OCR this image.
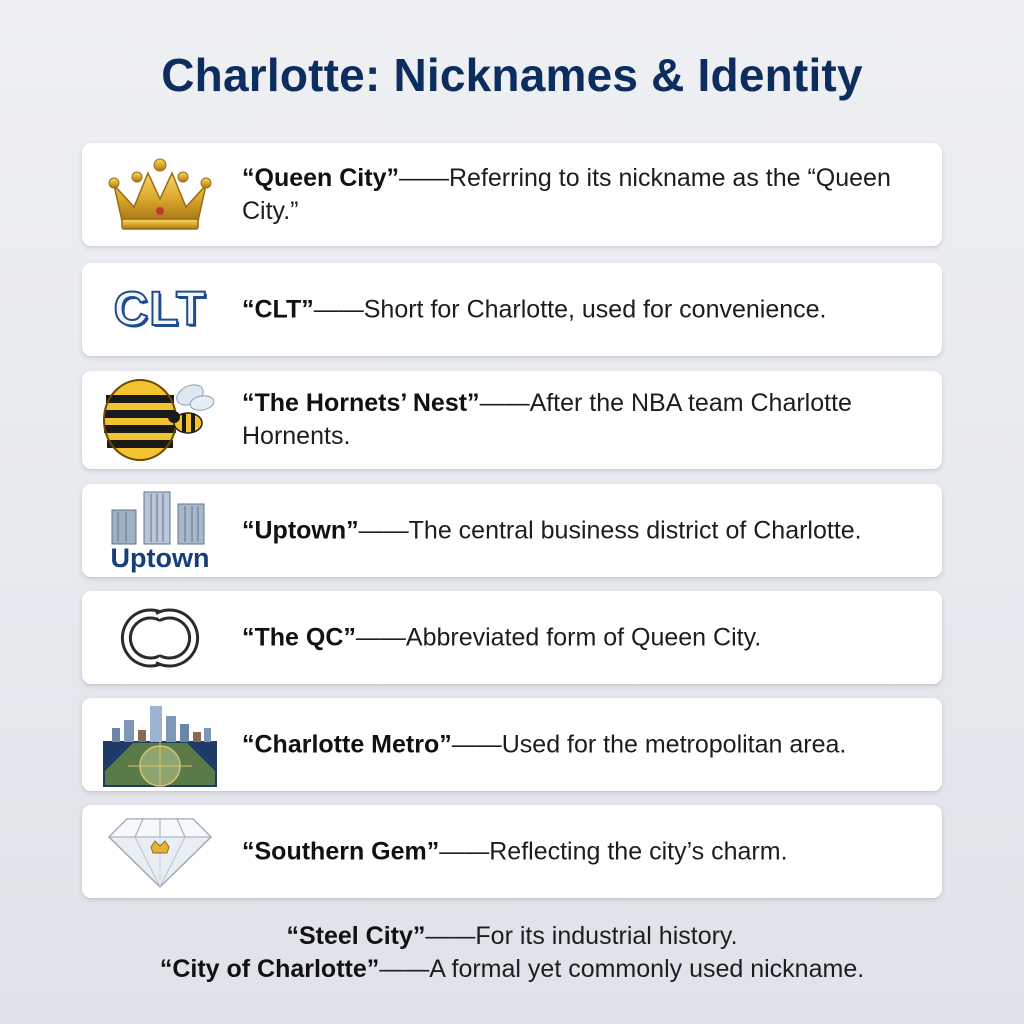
Charlotte: Nicknames & Identity
“Queen City”——Referring to its nickname as the “Queen City.”
CLT “CLT”——Short for Charlotte, used for convenience.
“The Hornets’ Nest”——After the NBA team Charlotte Hornents.
Uptown
“Uptown”——The central business district of Charlotte.
“The QC”——Abbreviated form of Queen City.
“Charlotte Metro”——Used for the metropolitan area.
“Southern Gem”——Reflecting the city’s charm.
“Steel City”——For its industrial history.
“City of Charlotte”——A formal yet commonly used nickname.
